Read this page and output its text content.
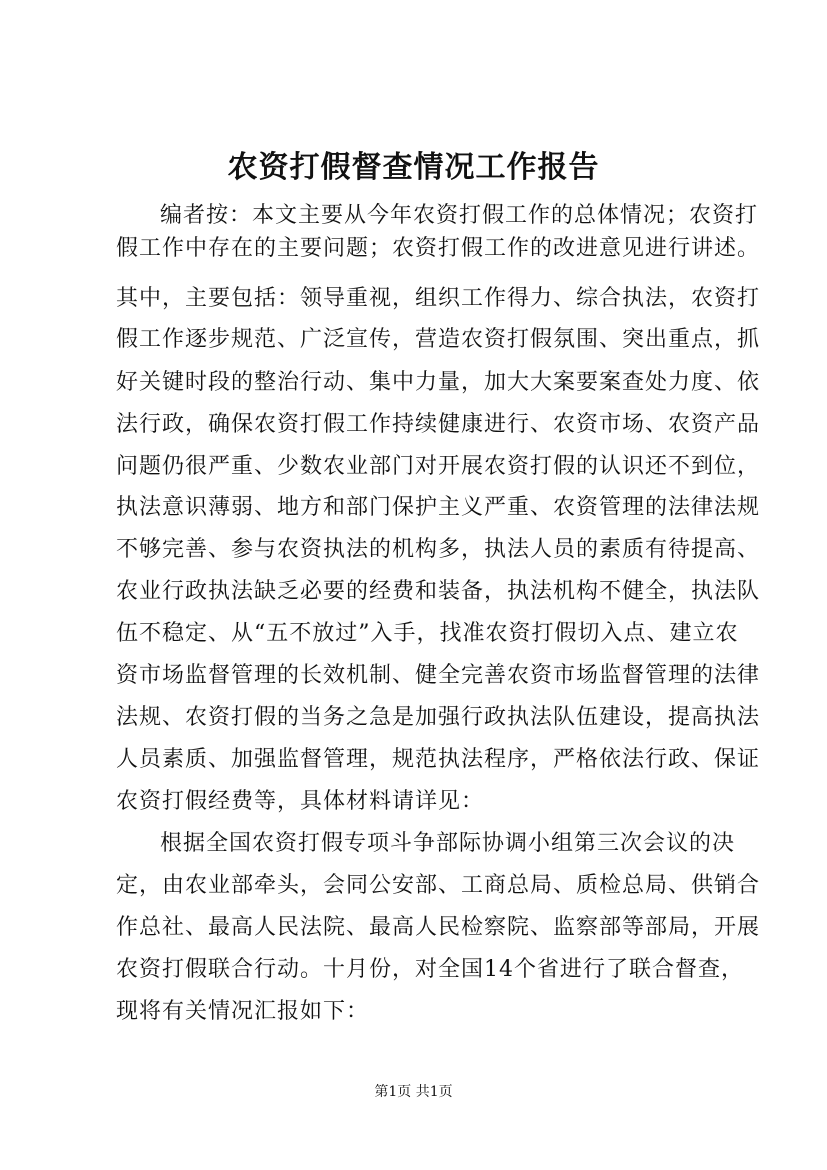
农资打假督查情况工作报告
编者按：本文主要从今年农资打假工作的总体情况；农资打
假工作中存在的主要问题；农资打假工作的改进意见进行讲述。
其中，主要包括：领导重视，组织工作得力、综合执法，农资打
假工作逐步规范、广泛宣传，营造农资打假氛围、突出重点，抓
好关键时段的整治行动、集中力量，加大大案要案查处力度、依
法行政，确保农资打假工作持续健康进行、农资市场、农资产品
问题仍很严重、少数农业部门对开展农资打假的认识还不到位，
执法意识薄弱、地方和部门保护主义严重、农资管理的法律法规
不够完善、参与农资执法的机构多，执法人员的素质有待提高、
农业行政执法缺乏必要的经费和装备，执法机构不健全，执法队
伍不稳定、从“五不放过”入手，找准农资打假切入点、建立农
资市场监督管理的长效机制、健全完善农资市场监督管理的法律
法规、农资打假的当务之急是加强行政执法队伍建设，提高执法
人员素质、加强监督管理，规范执法程序，严格依法行政、保证
农资打假经费等，具体材料请详见：
根据全国农资打假专项斗争部际协调小组第三次会议的决
定，由农业部牵头，会同公安部、工商总局、质检总局、供销合
作总社、最高人民法院、最高人民检察院、监察部等部局，开展
农资打假联合行动。十月份，对全国14个省进行了联合督查，
现将有关情况汇报如下：
第1页 共1页
